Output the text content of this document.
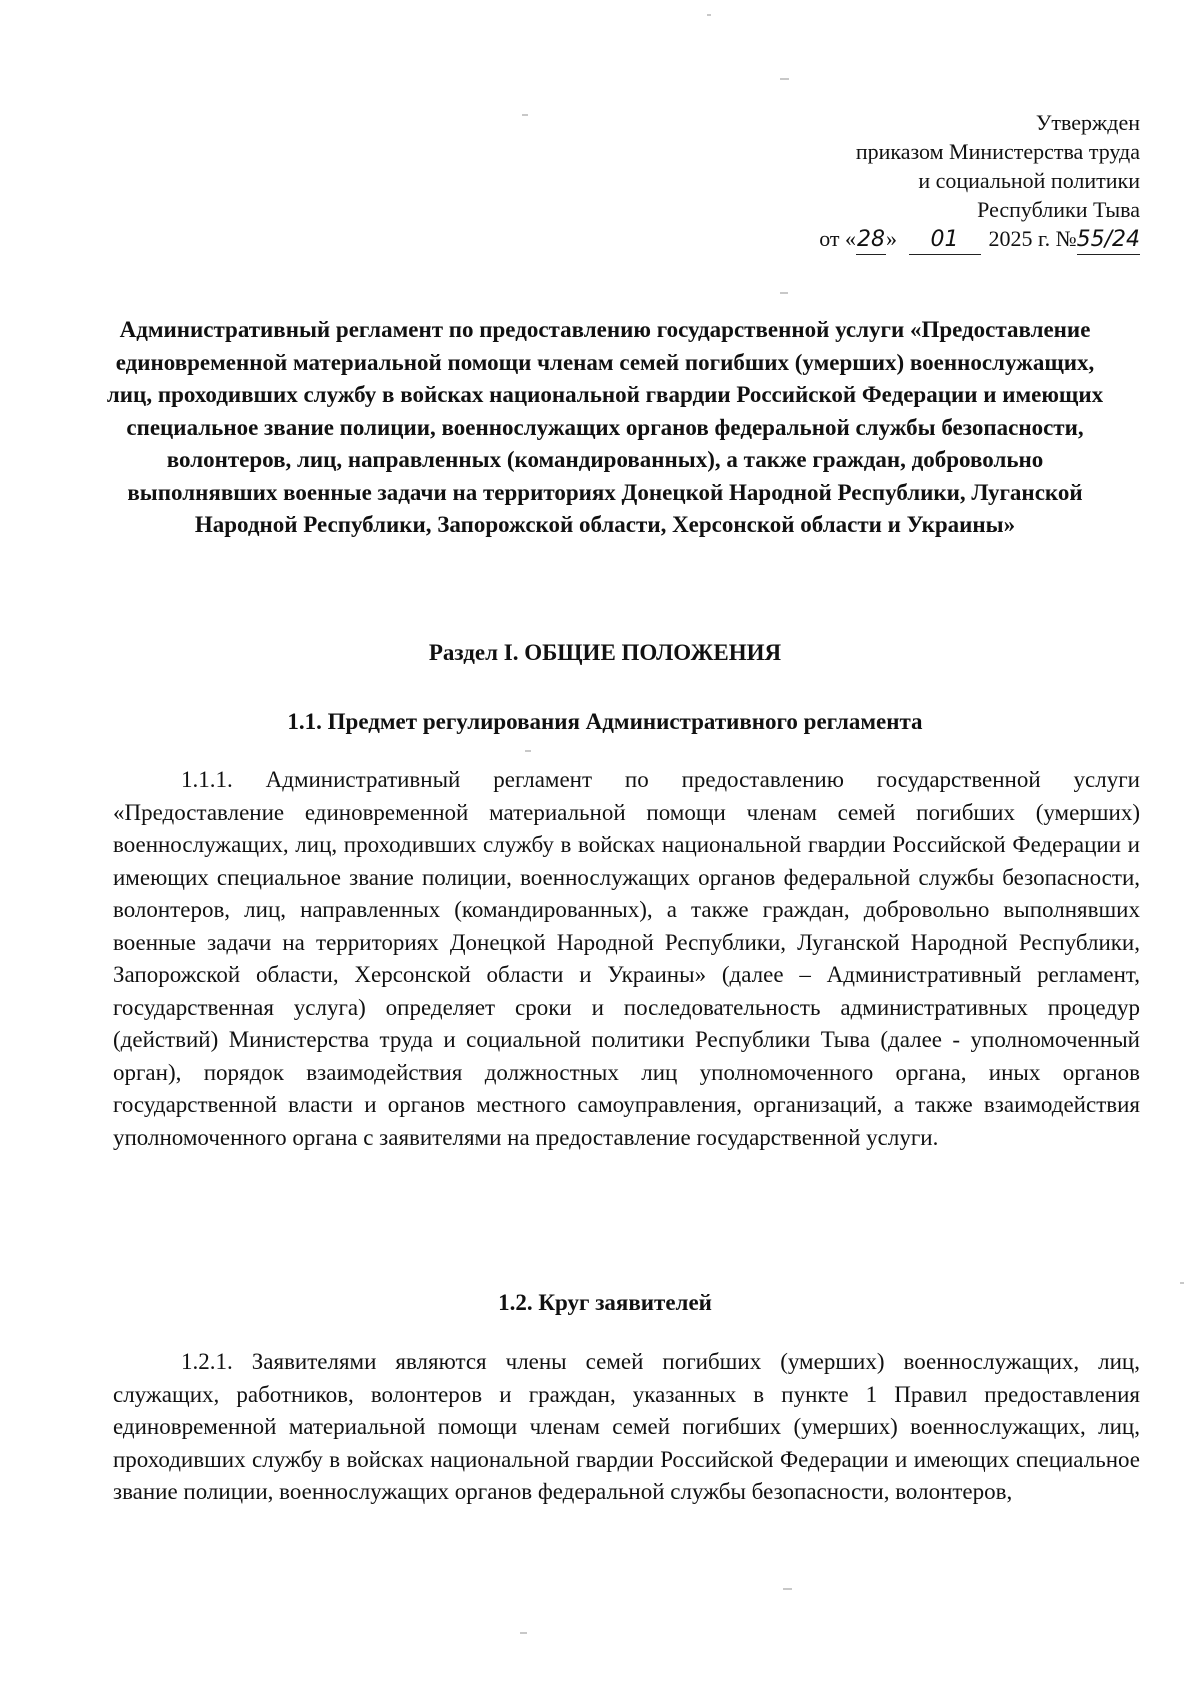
Утвержден
приказом Министерства труда
и социальной политики
Республики Тыва
от «28» 01 2025 г. №55/24
Административный регламент по предоставлению государственной услуги «Предоставление единовременной материальной помощи членам семей погибших (умерших) военнослужащих, лиц, проходивших службу в войсках национальной гвардии Российской Федерации и имеющих специальное звание полиции, военнослужащих органов федеральной службы безопасности, волонтеров, лиц, направленных (командированных), а также граждан, добровольно выполнявших военные задачи на территориях Донецкой Народной Республики, Луганской Народной Республики, Запорожской области, Херсонской области и Украины»
Раздел I. ОБЩИЕ ПОЛОЖЕНИЯ
1.1. Предмет регулирования Административного регламента

1.1.1. Административный регламент по предоставлению государственной услуги «Предоставление единовременной материальной помощи членам семей погибших (умерших) военнослужащих, лиц, проходивших службу в войсках национальной гвардии Российской Федерации и имеющих специальное звание полиции, военнослужащих органов федеральной службы безопасности, волонтеров, лиц, направленных (командированных), а также граждан, добровольно выполнявших военные задачи на территориях Донецкой Народной Республики, Луганской Народной Республики, Запорожской области, Херсонской области и Украины» (далее – Административный регламент, государственная услуга) определяет сроки и последовательность административных процедур (действий) Министерства труда и социальной политики Республики Тыва (далее - уполномоченный орган), порядок взаимодействия должностных лиц уполномоченного органа, иных органов государственной власти и органов местного самоуправления, организаций, а также взаимодействия уполномоченного органа с заявителями на предоставление государственной услуги.

1.2. Круг заявителей

1.2.1. Заявителями являются члены семей погибших (умерших) военнослужащих, лиц, служащих, работников, волонтеров и граждан, указанных в пункте 1 Правил предоставления единовременной материальной помощи членам семей погибших (умерших) военнослужащих, лиц, проходивших службу в войсках национальной гвардии Российской Федерации и имеющих специальное звание полиции, военнослужащих органов федеральной службы безопасности, волонтеров,
